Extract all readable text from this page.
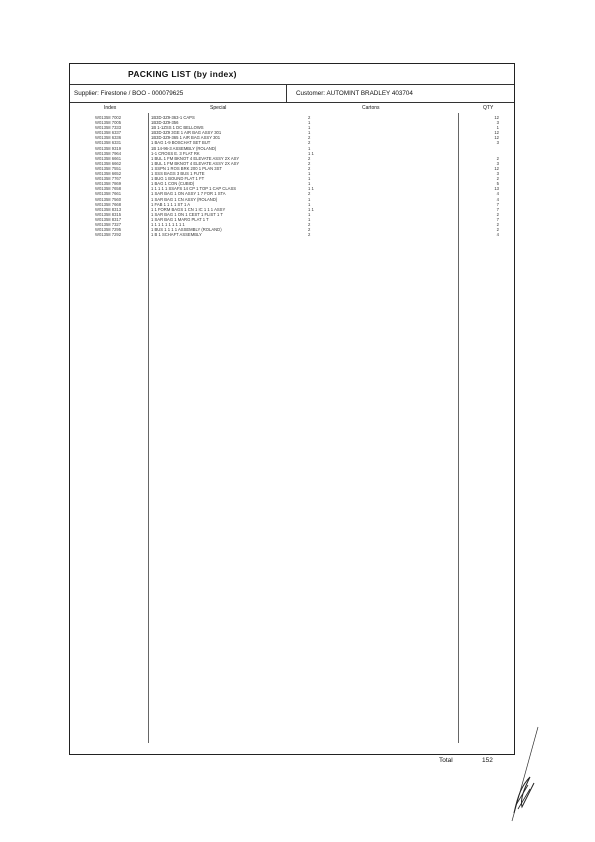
PACKING LIST (by index)
Supplier: Firestone / BOO - 000079625	Customer: AUTOMINT BRADLEY 403704
Index	Special	Cartons	QTY
W01358 7002	1B3D-3Z9-363-1 CAPS	2	12
W01358 7005	1B3D-3Z9-356	1	3
W01358 7333	1B 1-1ZSS 1 DC BELLOWS	1	1
W01358 6337	1B3D-3Z9 3GE 1 AIR BAG ASSY 301	1	12
W01358 6336	1B3D-3Z9-365 1 AIR BAG ASSY 301	2	12
W01358 6331	1 BAG 1-9 BOSCHAT SET BUT	2	3
W01358 9319	1B 14-96-3 ASSEMBLY (ROLAND)	1
W01358 7964	1-1 CROSS E. 3 FLAT RK	1 1
W01358 6661	1 BUL 1 FM BKNOT 4 ELEVATE ASSY 2X ASY	2	2
W01358 6662	1 BUL 1 FM BKNOT 4 ELEVATE ASSY 2X ASY	2	3
W01358 7551	1 SSPN 1 ROS BRK 200 1 PLAN 3ST	2	12
W01358 6652	1 SSS BAGS 3 BUS 1 FUTE	1	3
W01358 7767	1 BUG 1 BOUND FLAT 1 FT	1	2
W01358 7869	1 BAG 1 CON (CUBID)	1	5
W01358 7658	1 1 1 1 1 SSAFS 14 CP 1 TOP 1 CAP CLASS	1 1	13
W01358 7661	1 SAR BAG 1 ON ASSY 1 7 FOR 1 STA	2	4
W01358 7560	1 SAR BAG 1 CN ASSY (ROLAND)	1	4
W01358 7668	1 FAB 1 1 1 1 ST 1 A	1	7
W01358 8313	1 1 FORM BAGS 1 CN 1 IC 1 1 1 ASSY	1 1	7
W01358 8315	1 SAR BAG 1 ON 1 CEST 1 FLIST 1 T	1	2
W01358 8317	1 SAR BAG 1 MARG PLAT 1 T	1	7
W01358 7327	1 1 1 1 1 1 1 1 1 1	2	2
W01358 7295	1 BUS 1 1 1 1 ASSEMBLY (ROLAND)	2	2
W01358 7292	1 B 1 SCHAFT ASSEMBLY	2	4
Total	152
